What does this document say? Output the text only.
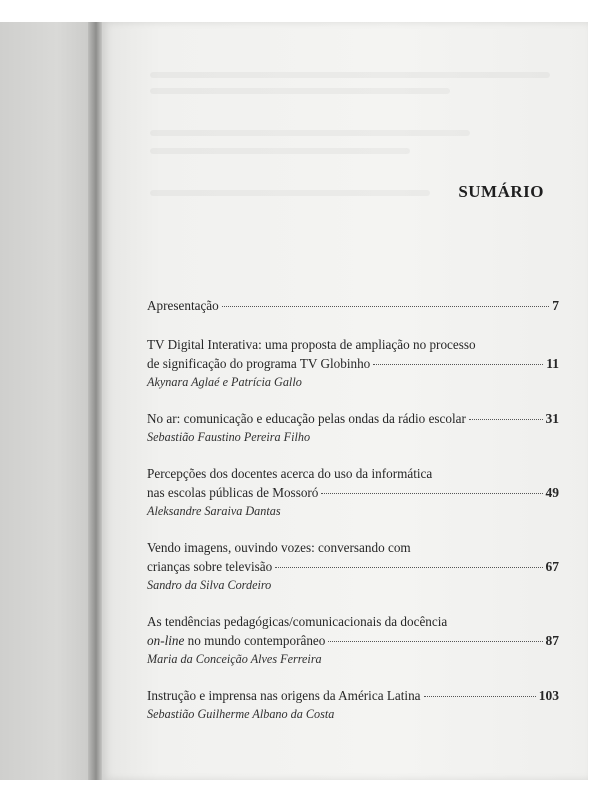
SUMÁRIO
Apresentação	7
TV Digital Interativa: uma proposta de ampliação no processo
de significação do programa TV Globinho	11
Akynara Aglaé e Patrícia Gallo
No ar: comunicação e educação pelas ondas da rádio escolar	31
Sebastião Faustino Pereira Filho
Percepções dos docentes acerca do uso da informática
nas escolas públicas de Mossoró	49
Aleksandre Saraiva Dantas
Vendo imagens, ouvindo vozes: conversando com
crianças sobre televisão	67
Sandro da Silva Cordeiro
As tendências pedagógicas/comunicacionais da docência
on-line no mundo contemporâneo	87
Maria da Conceição Alves Ferreira
Instrução e imprensa nas origens da América Latina	103
Sebastião Guilherme Albano da Costa
